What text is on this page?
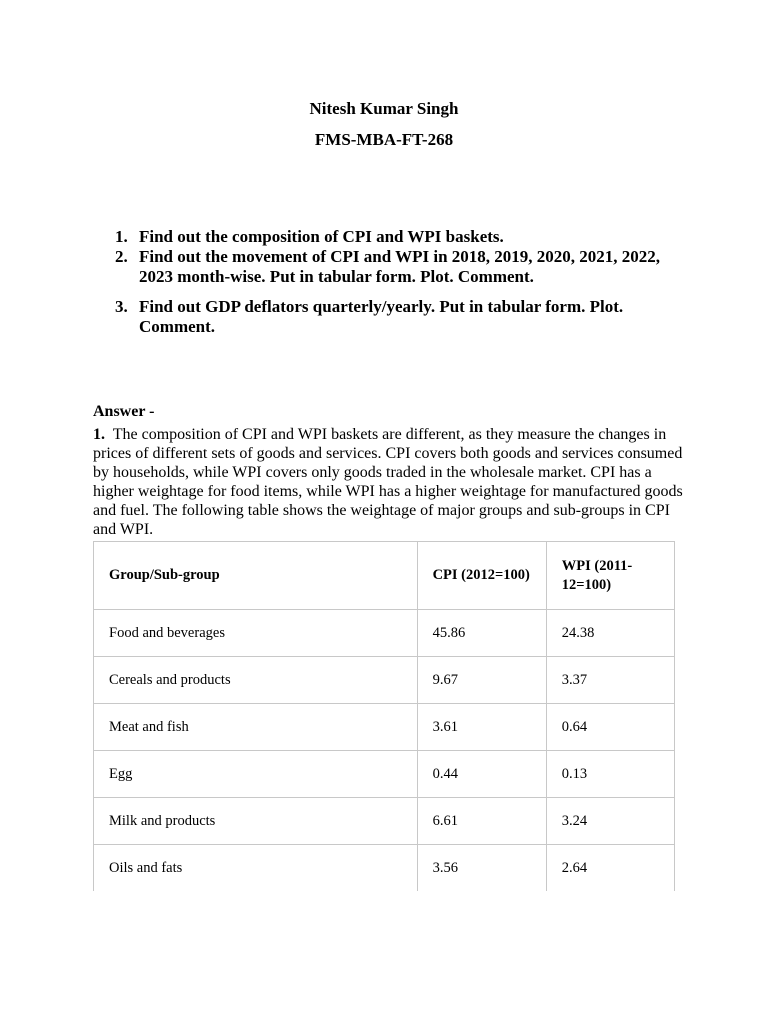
Nitesh Kumar Singh
FMS-MBA-FT-268
1. Find out the composition of CPI and WPI baskets.
2. Find out the movement of CPI and WPI in 2018, 2019, 2020, 2021, 2022, 2023 month-wise. Put in tabular form. Plot. Comment.
3. Find out GDP deflators quarterly/yearly. Put in tabular form. Plot. Comment.
Answer -
1. The composition of CPI and WPI baskets are different, as they measure the changes in prices of different sets of goods and services. CPI covers both goods and services consumed by households, while WPI covers only goods traded in the wholesale market. CPI has a higher weightage for food items, while WPI has a higher weightage for manufactured goods and fuel. The following table shows the weightage of major groups and sub-groups in CPI and WPI.
Group/Sub-group	CPI (2012=100)	WPI (2011-12=100)
Food and beverages	45.86	24.38
Cereals and products	9.67	3.37
Meat and fish	3.61	0.64
Egg	0.44	0.13
Milk and products	6.61	3.24
Oils and fats	3.56	2.64
